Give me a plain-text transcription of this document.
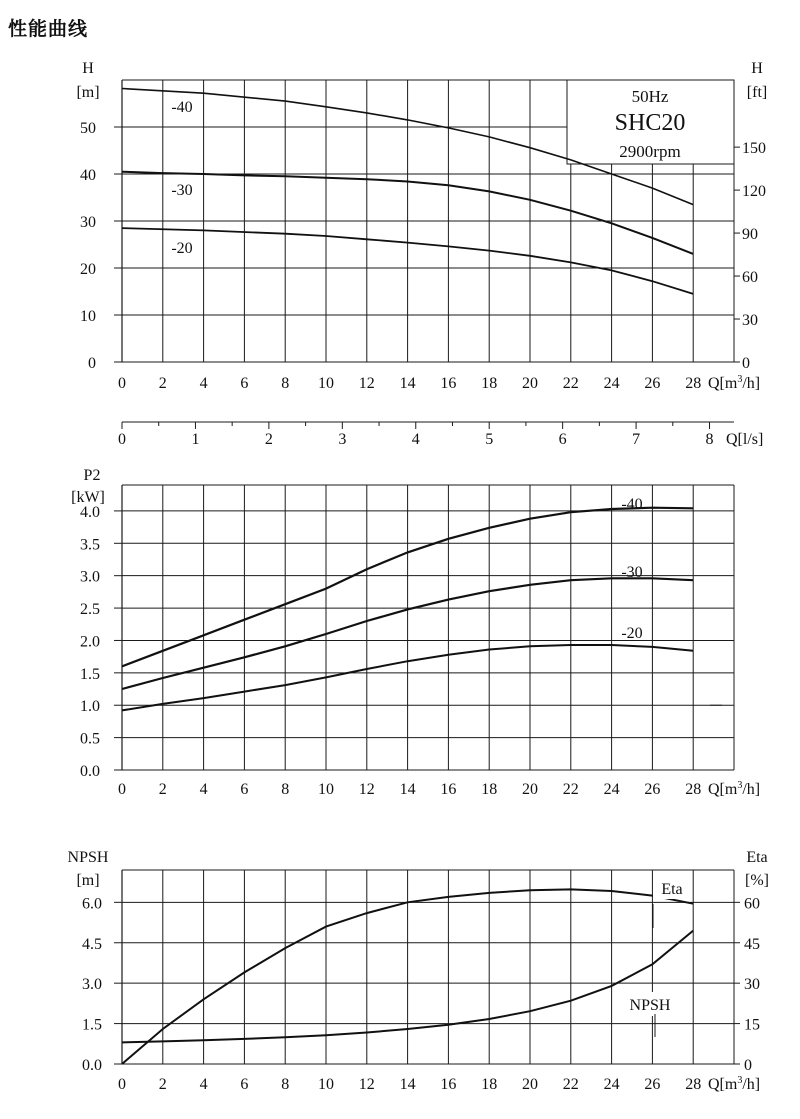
性能曲线
0
10
20
30
40
50
H
[m]
0
30
60
90
120
150
H
[ft]
0 2 4 6 8 10 12 14 16 18 20 22 24 26 28 $Q[m^3/h]$
50Hz
SHC20
2900rpm
-40
-30
-20
0	1	2	3	4	5	6	7	8 Q[l/s]
0.0
0.5
1.0
1.5
2.0
2.5
3.0
3.5
4.0
P2
[kW]
0 2 4 6 8 10 12 14 16 18 20 22 24 26 28 $Q[m^3/h]$
-40
-30
-20
0.0
1.5
3.0
4.5
6.0
NPSH
[m]
0
15
30
45
60
Eta
[%]
0 2 4 6 8 10 12 14 16 18 20 22 24 26 28 $Q[m^3/h]$
Eta
NPSH
